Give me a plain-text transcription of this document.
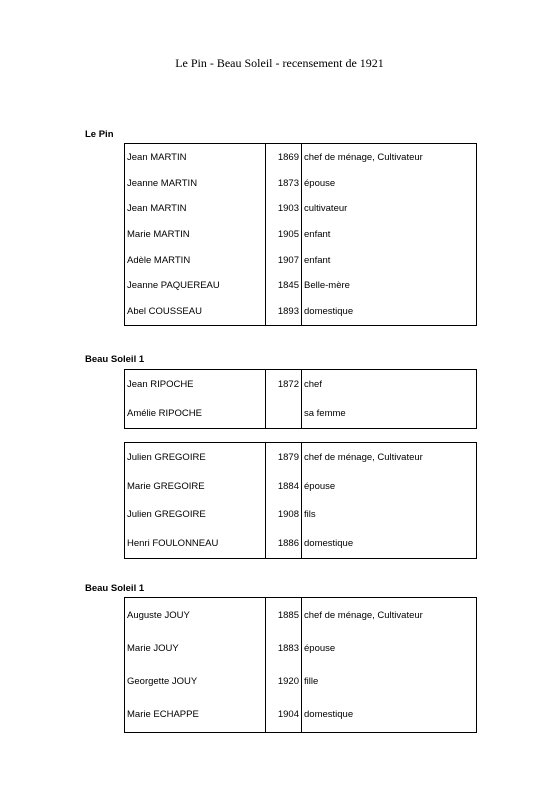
Le Pin - Beau Soleil - recensement de 1921
Le Pin
Jean MARTIN	1869	chef de ménage, Cultivateur
Jeanne MARTIN	1873	épouse
Jean MARTIN	1903	cultivateur
Marie MARTIN	1905	enfant
Adèle MARTIN	1907	enfant
Jeanne PAQUEREAU	1845	Belle-mère
Abel COUSSEAU	1893	domestique
Beau Soleil 1
Jean RIPOCHE	1872	chef
Amélie RIPOCHE		sa femme
Julien GREGOIRE	1879	chef de ménage, Cultivateur
Marie GREGOIRE	1884	épouse
Julien GREGOIRE	1908	fils
Henri FOULONNEAU	1886	domestique
Beau Soleil 1
Auguste JOUY	1885	chef de ménage, Cultivateur
Marie JOUY	1883	épouse
Georgette JOUY	1920	fille
Marie ECHAPPE	1904	domestique
